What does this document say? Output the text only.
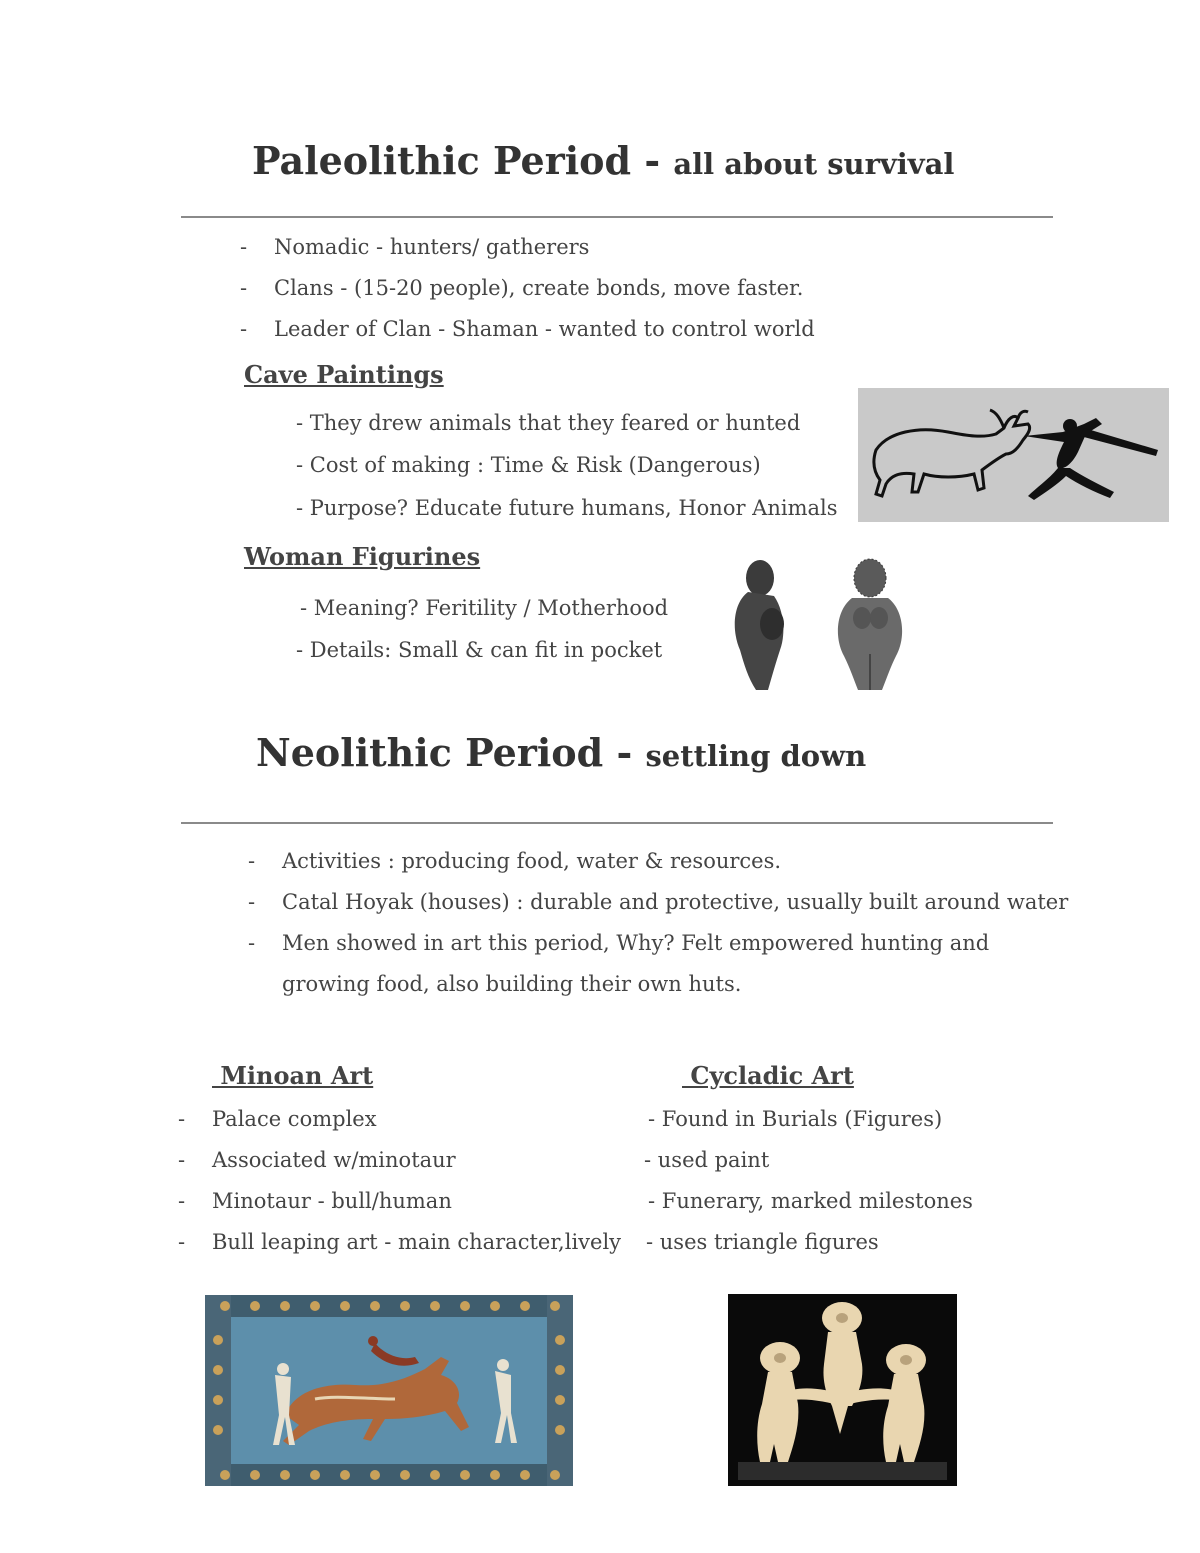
Paleolithic Period - all about survival
- Nomadic - hunters/ gatherers
- Clans - (15-20 people), create bonds, move faster.
- Leader of Clan - Shaman - wanted to control world
Cave Paintings
- They drew animals that they feared or hunted
- Cost of making : Time & Risk (Dangerous)
- Purpose? Educate future humans, Honor Animals
Woman Figurines
- Meaning? Feritility / Motherhood
- Details: Small & can fit in pocket
Neolithic Period - settling down
- Activities : producing food, water & resources.
- Catal Hoyak (houses) : durable and protective, usually built around water
- Men showed in art this period, Why? Felt empowered hunting and
growing food, also building their own huts.
Minoan Art	Cycladic Art
- Palace complex
- Associated w/minotaur
- Minotaur - bull/human
- Bull leaping art - main character,lively
- Found in Burials (Figures)
- used paint
- Funerary, marked milestones
- uses triangle figures
